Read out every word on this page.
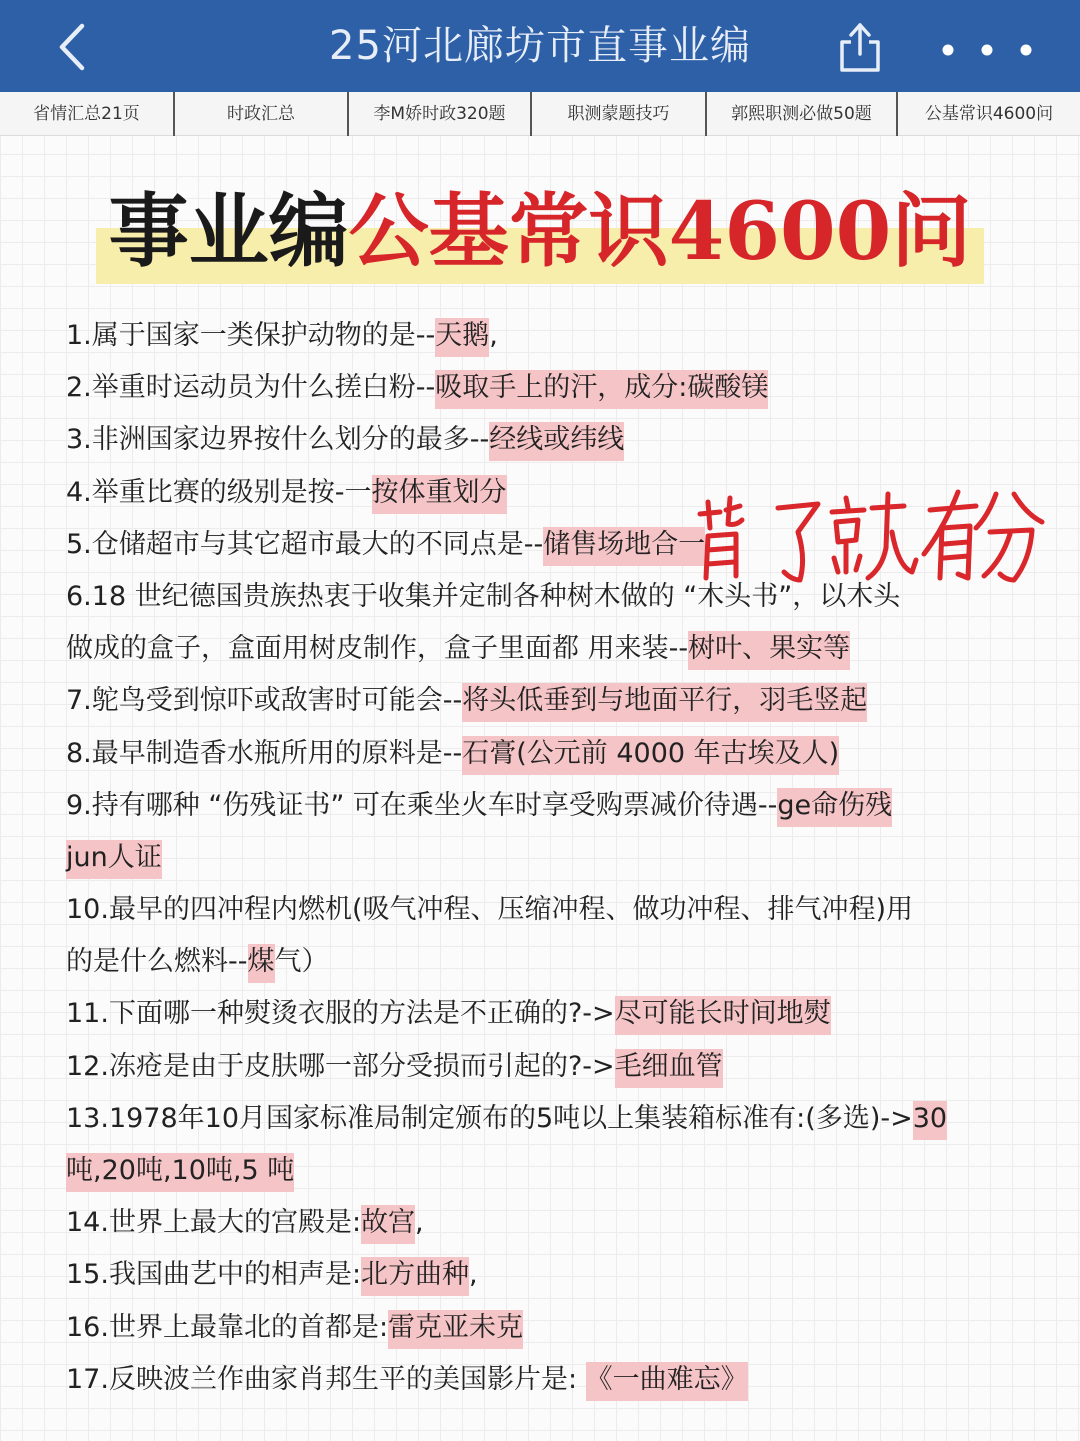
25河北廊坊市直事业编
省情汇总21页	时政汇总	李M娇时政320题	职测蒙题技巧	郭熙职测必做50题	公基常识4600问
事业编公基常识4600问
1.属于国家一类保护动物的是--天鹅,
2.举重时运动员为什么搓白粉--吸取手上的汗，成分:碳酸镁
3.非洲国家边界按什么划分的最多--经线或纬线
4.举重比赛的级别是按-一按体重划分
5.仓储超市与其它超市最大的不同点是--储售场地合一
6.18 世纪德国贵族热衷于收集并定制各种树木做的 “木头书”，以木头
做成的盒子，盒面用树皮制作，盒子里面都 用来装--树叶、果实等
7.鸵鸟受到惊吓或敌害时可能会--将头低垂到与地面平行，羽毛竖起
8.最早制造香水瓶所用的原料是--石膏(公元前 4000 年古埃及人)
9.持有哪种 “伤残证书” 可在乘坐火车时享受购票减价待遇--ge命伤残
jun人证
10.最早的四冲程内燃机(吸气冲程、压缩冲程、做功冲程、排气冲程)用
的是什么燃料--煤气）
11.下面哪一种熨烫衣服的方法是不正确的?->尽可能长时间地熨
12.冻疮是由于皮肤哪一部分受损而引起的?->毛细血管
13.1978年10月国家标准局制定颁布的5吨以上集装箱标准有:(多选)->30
吨,20吨,10吨,5 吨
14.世界上最大的宫殿是:故宫,
15.我国曲艺中的相声是:北方曲种,
16.世界上最靠北的首都是:雷克亚未克
17.反映波兰作曲家肖邦生平的美国影片是: 《一曲难忘》
